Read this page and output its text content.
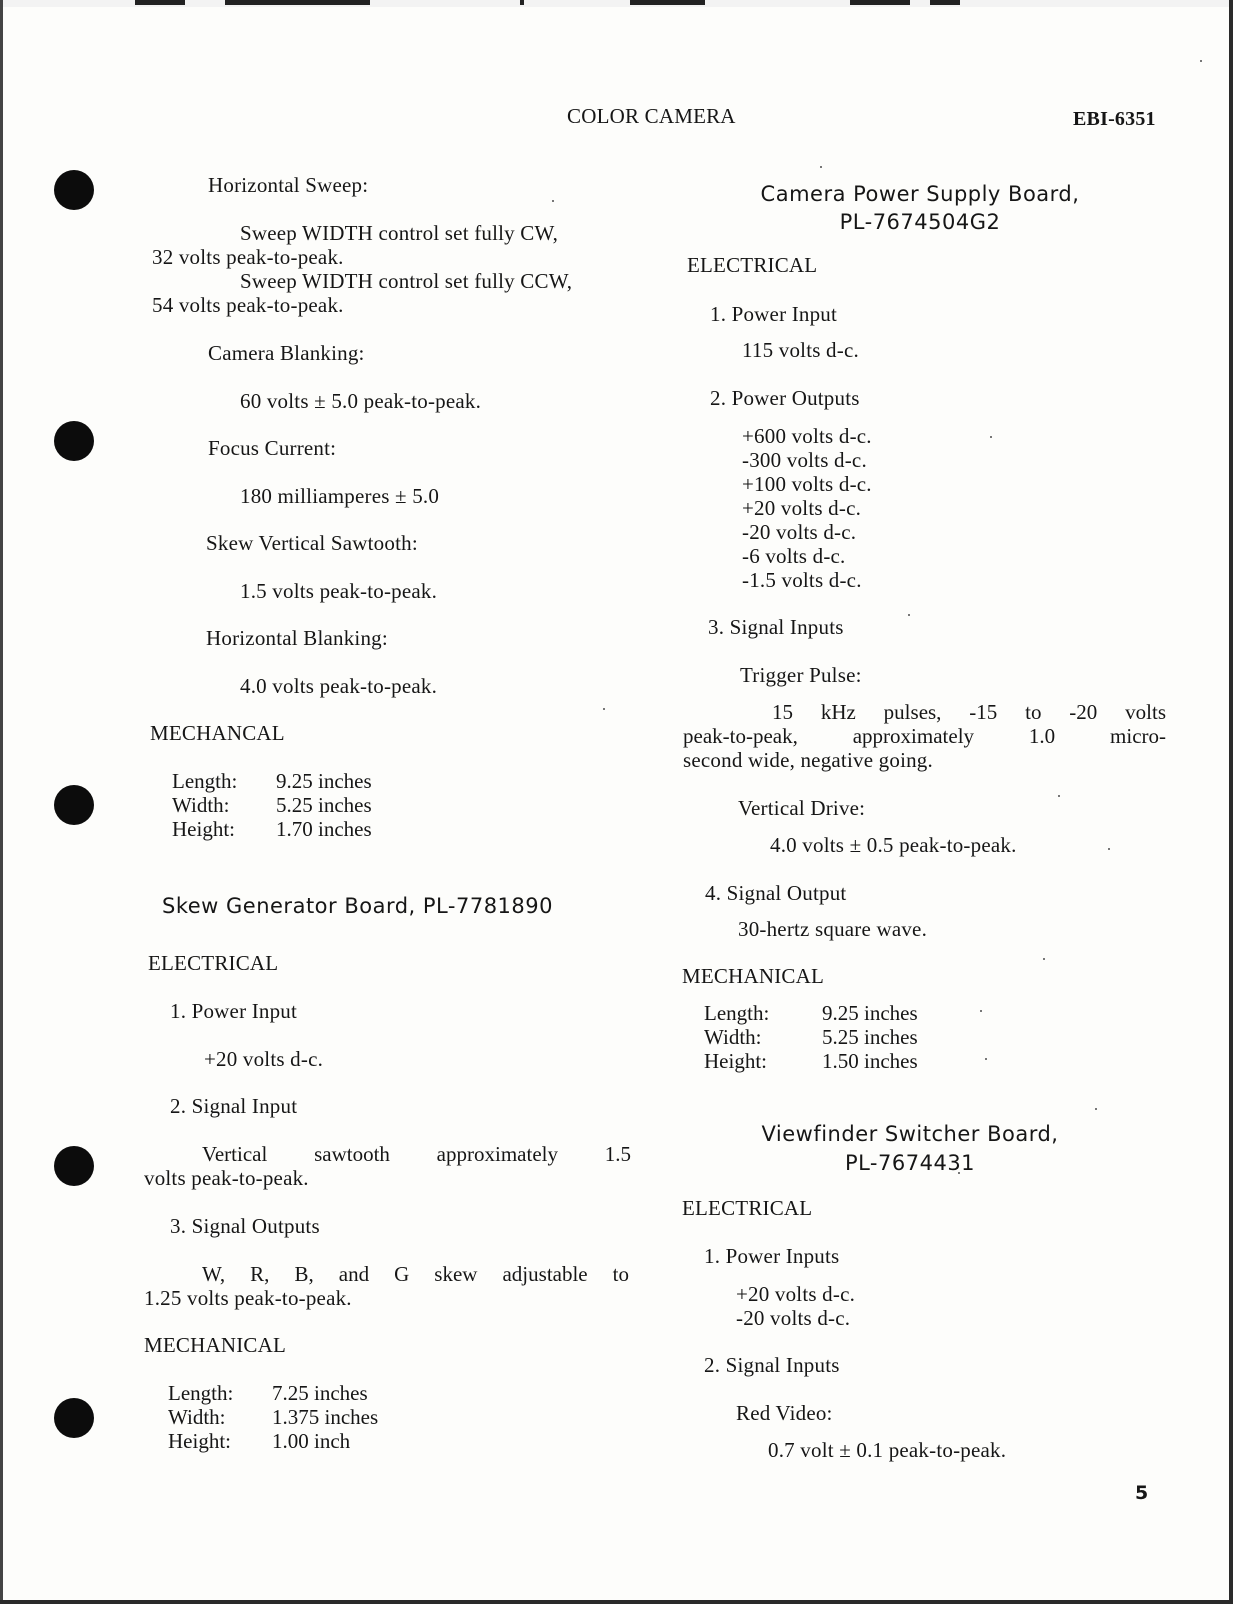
COLOR CAMERA	EBI-6351
Horizontal Sweep:
Sweep WIDTH control set fully CW,
32 volts peak-to-peak.
Sweep WIDTH control set fully CCW,
54 volts peak-to-peak.
Camera Blanking:
60 volts ± 5.0 peak-to-peak.
Focus Current:
180 milliamperes ± 5.0
Skew Vertical Sawtooth:
1.5 volts peak-to-peak.
Horizontal Blanking:
4.0 volts peak-to-peak.
MECHANCAL
Length:	9.25 inches
Width:	5.25 inches
Height:	1.70 inches
Skew Generator Board, PL-7781890
ELECTRICAL
1. Power Input
+20 volts d-c.
2. Signal Input
Vertical sawtooth approximately 1.5
volts peak-to-peak.
3. Signal Outputs
W, R, B, and G skew adjustable to
1.25 volts peak-to-peak.
MECHANICAL
Length:	7.25 inches
Width:	1.375 inches
Height:	1.00 inch
Camera Power Supply Board,
PL-7674504G2
ELECTRICAL
1. Power Input
115 volts d-c.
2. Power Outputs
+600 volts d-c.
-300 volts d-c.
+100 volts d-c.
+20 volts d-c.
-20 volts d-c.
-6 volts d-c.
-1.5 volts d-c.
3. Signal Inputs
Trigger Pulse:
15 kHz pulses, -15 to -20 volts
peak-to-peak, approximately 1.0 micro-
second wide, negative going.
Vertical Drive:
4.0 volts ± 0.5 peak-to-peak.
4. Signal Output
30-hertz square wave.
MECHANICAL
Length:	9.25 inches
Width:	5.25 inches
Height:	1.50 inches
Viewfinder Switcher Board,
PL-7674431
ELECTRICAL
1. Power Inputs
+20 volts d-c.
-20 volts d-c.
2. Signal Inputs
Red Video:
0.7 volt ± 0.1 peak-to-peak.
5
